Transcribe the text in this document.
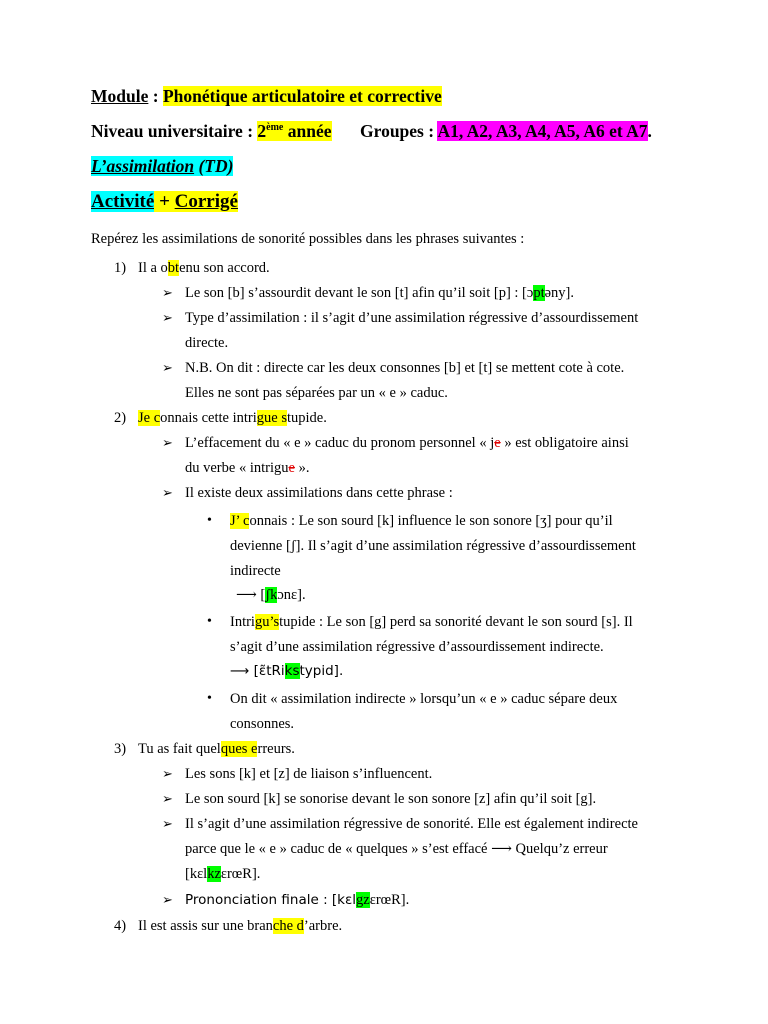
Module : Phonétique articulatoire et corrective
Niveau universitaire : 2ème année Groupes : A1, A2, A3, A4, A5, A6 et A7.
L’assimilation (TD)
Activité + Corrigé
Repérez les assimilations de sonorité possibles dans les phrases suivantes :
1) Il a obtenu son accord.
➢ Le son [b] s’assourdit devant le son [t] afin qu’il soit [p] : [ɔptəny].
➢ Type d’assimilation : il s’agit d’une assimilation régressive d’assourdissement
directe.
➢ N.B. On dit : directe car les deux consonnes [b] et [t] se mettent cote à cote.
Elles ne sont pas séparées par un « e » caduc.
2) Je connais cette intrigue stupide.
➢ L’effacement du « e » caduc du pronom personnel « je » est obligatoire ainsi
du verbe « intrigue ».
➢ Il existe deux assimilations dans cette phrase :
• J’ connais : Le son sourd [k] influence le son sonore [ʒ] pour qu’il
devienne [ʃ]. Il s’agit d’une assimilation régressive d’assourdissement
indirecte
⟶ [ʃkɔnɛ].
• Intrigu’stupide : Le son [g] perd sa sonorité devant le son sourd [s]. Il
s’agit d’une assimilation régressive d’assourdissement indirecte.
⟶ [ɛ̃tRikstypid].
• On dit « assimilation indirecte » lorsqu’un « e » caduc sépare deux
consonnes.
3) Tu as fait quelques erreurs.
➢ Les sons [k] et [z] de liaison s’influencent.
➢ Le son sourd [k] se sonorise devant le son sonore [z] afin qu’il soit [g].
➢ Il s’agit d’une assimilation régressive de sonorité. Elle est également indirecte
parce que le « e » caduc de « quelques » s’est effacé ⟶ Quelqu’z erreur
[kɛlkzɛrœR].
➢ Prononciation finale : [kɛlgzɛrœR].
4) Il est assis sur une branche d’arbre.
